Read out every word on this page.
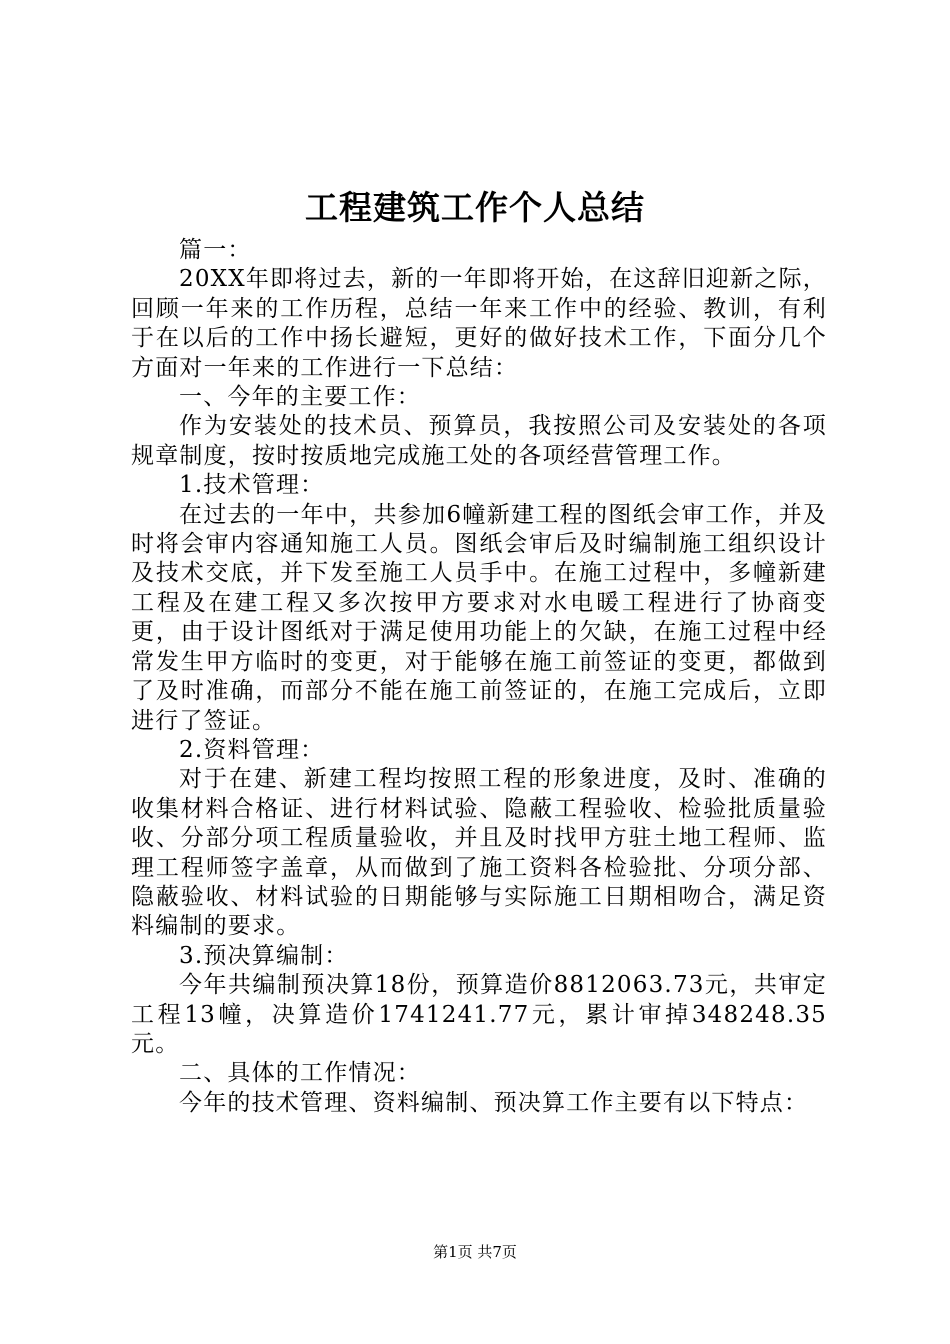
工程建筑工作个人总结

篇一：

20XX年即将过去，新的一年即将开始，在这辞旧迎新之际，回顾一年来的工作历程，总结一年来工作中的经验、教训，有利于在以后的工作中扬长避短，更好的做好技术工作，下面分几个方面对一年来的工作进行一下总结：

一、今年的主要工作：

作为安装处的技术员、预算员，我按照公司及安装处的各项规章制度，按时按质地完成施工处的各项经营管理工作。

1.技术管理：

在过去的一年中，共参加6幢新建工程的图纸会审工作，并及时将会审内容通知施工人员。图纸会审后及时编制施工组织设计及技术交底，并下发至施工人员手中。在施工过程中，多幢新建工程及在建工程又多次按甲方要求对水电暖工程进行了协商变更，由于设计图纸对于满足使用功能上的欠缺，在施工过程中经常发生甲方临时的变更，对于能够在施工前签证的变更，都做到了及时准确，而部分不能在施工前签证的，在施工完成后，立即进行了签证。

2.资料管理：

对于在建、新建工程均按照工程的形象进度，及时、准确的收集材料合格证、进行材料试验、隐蔽工程验收、检验批质量验收、分部分项工程质量验收，并且及时找甲方驻土地工程师、监理工程师签字盖章，从而做到了施工资料各检验批、分项分部、隐蔽验收、材料试验的日期能够与实际施工日期相吻合，满足资料编制的要求。

3.预决算编制：

今年共编制预决算18份，预算造价8812063.73元，共审定工程13幢，决算造价1741241.77元，累计审掉348248.35元。

二、具体的工作情况：

今年的技术管理、资料编制、预决算工作主要有以下特点：

第1页 共7页
